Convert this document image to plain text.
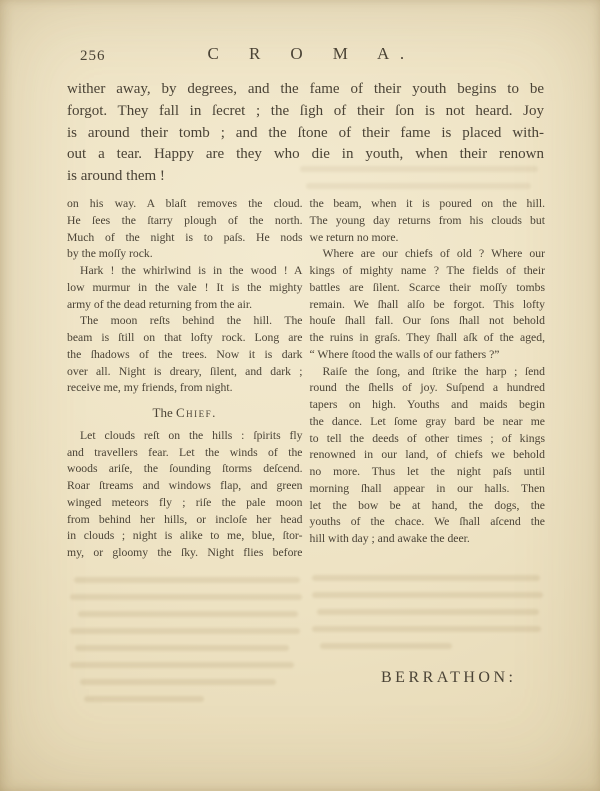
256	C R O M A.
wither away, by degrees, and the fame of their youth begins to be
forgot. They fall in ſecret ; the ſigh of their ſon is not heard. Joy
is around their tomb ; and the ſtone of their fame is placed with-
out a tear. Happy are they who die in youth, when their renown
is around them !
on his way. A blaſt removes the cloud.
He ſees the ſtarry plough of the north.
Much of the night is to paſs. He nods
by the moſſy rock.
Hark ! the whirlwind is in the wood ! A
low murmur in the vale ! It is the mighty
army of the dead returning from the air.
The moon reſts behind the hill. The
beam is ſtill on that lofty rock. Long are
the ſhadows of the trees. Now it is dark
over all. Night is dreary, ſilent, and dark ;
receive me, my friends, from night.
The Chief.
Let clouds reſt on the hills : ſpirits fly
and travellers fear. Let the winds of the
woods ariſe, the ſounding ſtorms deſcend.
Roar ſtreams and windows flap, and green
winged meteors fly ; riſe the pale moon
from behind her hills, or incloſe her head
in clouds ; night is alike to me, blue, ſtor-
my, or gloomy the ſky. Night flies before
the beam, when it is poured on the hill.
The young day returns from his clouds but
we return no more.
Where are our chiefs of old ? Where our
kings of mighty name ? The fields of their
battles are ſilent. Scarce their moſſy tombs
remain. We ſhall alſo be forgot. This lofty
houſe ſhall fall. Our ſons ſhall not behold
the ruins in graſs. They ſhall aſk of the aged,
“ Where ſtood the walls of our fathers ?”
Raiſe the ſong, and ſtrike the harp ; ſend
round the ſhells of joy. Suſpend a hundred
tapers on high. Youths and maids begin
the dance. Let ſome gray bard be near me
to tell the deeds of other times ; of kings
renowned in our land, of chiefs we behold
no more. Thus let the night paſs until
morning ſhall appear in our halls. Then
let the bow be at hand, the dogs, the
youths of the chace. We ſhall aſcend the
hill with day ; and awake the deer.
BERRATHON:
